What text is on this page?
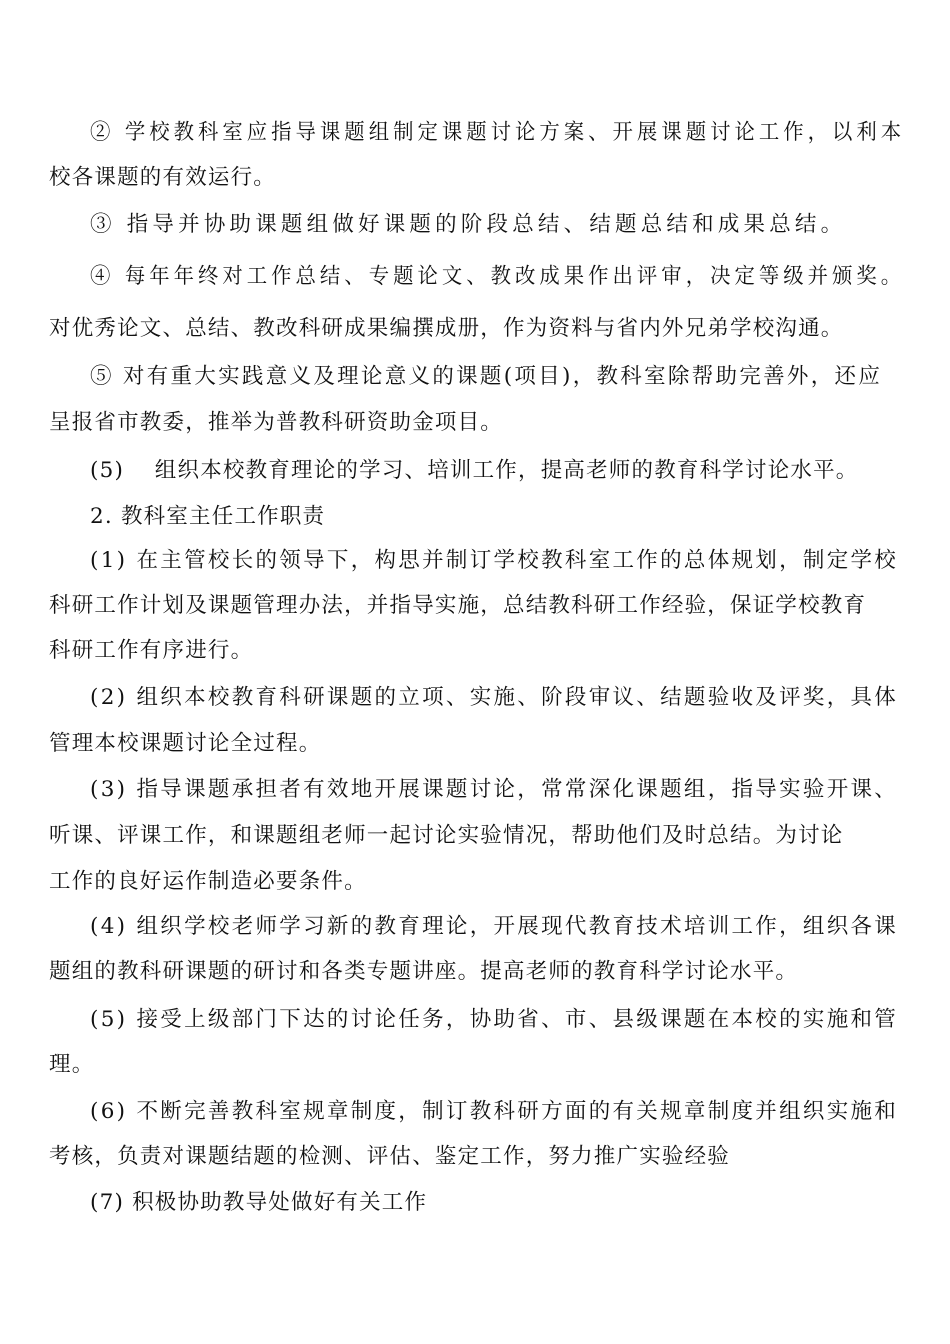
② 学校教科室应指导课题组制定课题讨论方案、开展课题讨论工作，以利本
校各课题的有效运行。
③ 指导并协助课题组做好课题的阶段总结、结题总结和成果总结。
④ 每年年终对工作总结、专题论文、教改成果作出评审，决定等级并颁奖。
对优秀论文、总结、教改科研成果编撰成册，作为资料与省内外兄弟学校沟通。
⑤ 对有重大实践意义及理论意义的课题(项目)，教科室除帮助完善外，还应
呈报省市教委，推举为普教科研资助金项目。
(5)　 组织本校教育理论的学习、培训工作，提高老师的教育科学讨论水平。
2. 教科室主任工作职责
(1) 在主管校长的领导下，构思并制订学校教科室工作的总体规划，制定学校
科研工作计划及课题管理办法，并指导实施，总结教科研工作经验，保证学校教育
科研工作有序进行。
(2) 组织本校教育科研课题的立项、实施、阶段审议、结题验收及评奖，具体
管理本校课题讨论全过程。
(3) 指导课题承担者有效地开展课题讨论，常常深化课题组，指导实验开课、
听课、评课工作，和课题组老师一起讨论实验情况，帮助他们及时总结。为讨论
工作的良好运作制造必要条件。
(4) 组织学校老师学习新的教育理论，开展现代教育技术培训工作，组织各课
题组的教科研课题的研讨和各类专题讲座。提高老师的教育科学讨论水平。
(5) 接受上级部门下达的讨论任务，协助省、市、县级课题在本校的实施和管
理。
(6) 不断完善教科室规章制度，制订教科研方面的有关规章制度并组织实施和
考核，负责对课题结题的检测、评估、鉴定工作，努力推广实验经验
(7) 积极协助教导处做好有关工作
